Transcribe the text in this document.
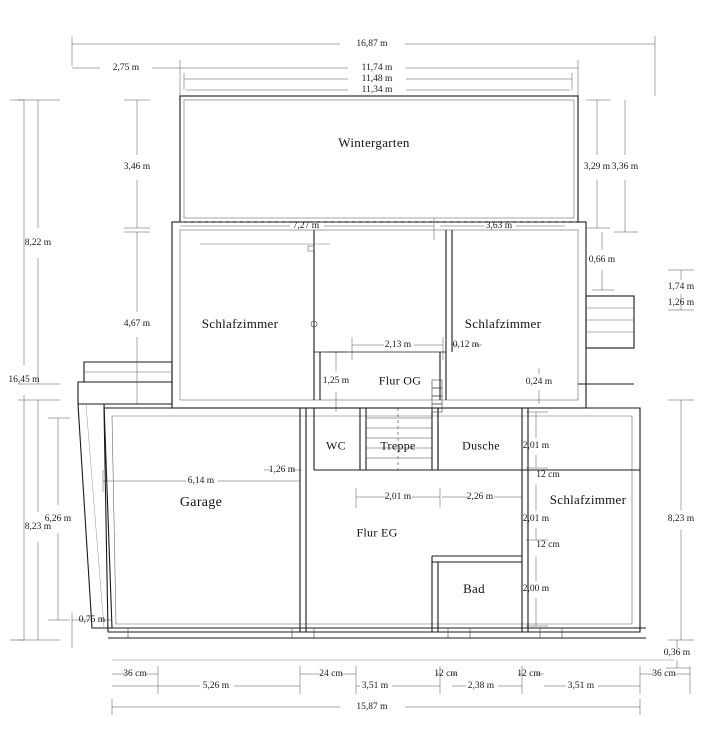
Wintergarten
Schlafzimmer	Schlafzimmer
Flur OG
WC	Treppe	Dusche
Garage
Flur EG
Schlafzimmer
Bad
16,87 m
2,75 m	11,74 m
11,48 m
11,34 m
8,22 m
16,45 m
3,46 m
4,67 m
8,23 m
6,26 m
0,75 m
3,29 m 3,36 m
0,66 m
1,74 m
1,26 m
0,24 m
2,01 m
12 cm
2,01 m
12 cm
2,00 m
8,23 m
0,36 m
7,27 m	3,63 m
2,13 m	0,12 m
1,25 m
6,14 m
1,26 m
2,01 m	2,26 m
36 cm
5,26 m
24 cm
3,51 m
12 cm
2,38 m
12 cm
3,51 m
36 cm
15,87 m
